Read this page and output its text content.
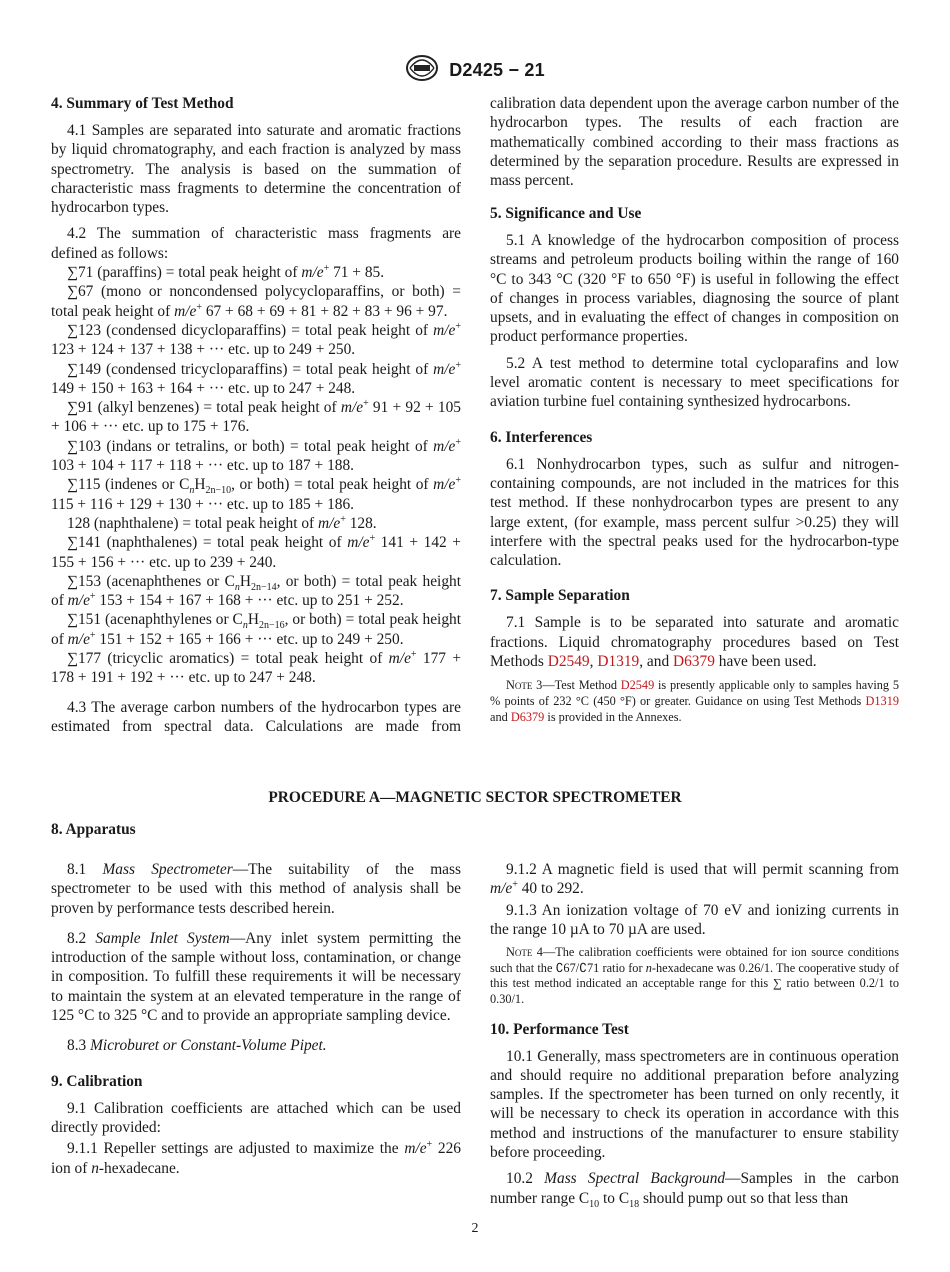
D2425 − 21
4. Summary of Test Method

4.1 Samples are separated into saturate and aromatic fractions by liquid chromatography, and each fraction is analyzed by mass spectrometry. The analysis is based on the summation of characteristic mass fragments to determine the concentration of hydrocarbon types.

4.2 The summation of characteristic mass fragments are defined as follows:

∑71 (paraffins) = total peak height of m/e+ 71 + 85.

∑67 (mono or noncondensed polycycloparaffins, or both) = total peak height of m/e+ 67 + 68 + 69 + 81 + 82 + 83 + 96 + 97.

∑123 (condensed dicycloparaffins) = total peak height of m/e+ 123 + 124 + 137 + 138 + ··· etc. up to 249 + 250.

∑149 (condensed tricycloparaffins) = total peak height of m/e+ 149 + 150 + 163 + 164 + ··· etc. up to 247 + 248.

∑91 (alkyl benzenes) = total peak height of m/e+ 91 + 92 + 105 + 106 + ··· etc. up to 175 + 176.

∑103 (indans or tetralins, or both) = total peak height of m/e+ 103 + 104 + 117 + 118 + ··· etc. up to 187 + 188.

∑115 (indenes or $C_nH_{2n-10}$, or both) = total peak height of m/e+ 115 + 116 + 129 + 130 + ··· etc. up to 185 + 186.

128 (naphthalene) = total peak height of m/e+ 128.

∑141 (naphthalenes) = total peak height of m/e+ 141 + 142 + 155 + 156 + ··· etc. up to 239 + 240.

∑153 (acenaphthenes or $C_nH_{2n-14}$, or both) = total peak height of m/e+ 153 + 154 + 167 + 168 + ··· etc. up to 251 + 252.

∑151 (acenaphthylenes or $C_nH_{2n-16}$, or both) = total peak height of m/e+ 151 + 152 + 165 + 166 + ··· etc. up to 249 + 250.

∑177 (tricyclic aromatics) = total peak height of m/e+ 177 + 178 + 191 + 192 + ··· etc. up to 247 + 248.

4.3 The average carbon numbers of the hydrocarbon types are estimated from spectral data. Calculations are made from

calibration data dependent upon the average carbon number of the hydrocarbon types. The results of each fraction are mathematically combined according to their mass fractions as determined by the separation procedure. Results are expressed in mass percent.

5. Significance and Use

5.1 A knowledge of the hydrocarbon composition of process streams and petroleum products boiling within the range of 160 °C to 343 °C (320 °F to 650 °F) is useful in following the effect of changes in process variables, diagnosing the source of plant upsets, and in evaluating the effect of changes in composition on product performance properties.

5.2 A test method to determine total cycloparafins and low level aromatic content is necessary to meet specifications for aviation turbine fuel containing synthesized hydrocarbons.

6. Interferences

6.1 Nonhydrocarbon types, such as sulfur and nitrogen-containing compounds, are not included in the matrices for this test method. If these nonhydrocarbon types are present to any large extent, (for example, mass percent sulfur >0.25) they will interfere with the spectral peaks used for the hydrocarbon-type calculation.

7. Sample Separation

7.1 Sample is to be separated into saturate and aromatic fractions. Liquid chromatography procedures based on Test Methods D2549, D1319, and D6379 have been used.

Note 3—Test Method D2549 is presently applicable only to samples having 5 % points of 232 °C (450 °F) or greater. Guidance on using Test Methods D1319 and D6379 is provided in the Annexes.
PROCEDURE A—MAGNETIC SECTOR SPECTROMETER
8. Apparatus

8.1 Mass Spectrometer—The suitability of the mass spectrometer to be used with this method of analysis shall be proven by performance tests described herein.

8.2 Sample Inlet System—Any inlet system permitting the introduction of the sample without loss, contamination, or change in composition. To fulfill these requirements it will be necessary to maintain the system at an elevated temperature in the range of 125 °C to 325 °C and to provide an appropriate sampling device.

8.3 Microburet or Constant-Volume Pipet.

9. Calibration

9.1 Calibration coefficients are attached which can be used directly provided:

9.1.1 Repeller settings are adjusted to maximize the m/e+ 226 ion of n-hexadecane.

9.1.2 A magnetic field is used that will permit scanning from m/e+ 40 to 292.

9.1.3 An ionization voltage of 70 eV and ionizing currents in the range 10 µA to 70 µA are used.

Note 4—The calibration coefficients were obtained for ion source conditions such that the ∁67/∁71 ratio for n-hexadecane was 0.26/1. The cooperative study of this test method indicated an acceptable range for this ∑ ratio between 0.2/1 to 0.30/1.
10. Performance Test

10.1 Generally, mass spectrometers are in continuous operation and should require no additional preparation before analyzing samples. If the spectrometer has been turned on only recently, it will be necessary to check its operation in accordance with this method and instructions of the manufacturer to ensure stability before proceeding.

10.2 Mass Spectral Background—Samples in the carbon number range $C_{10}$ to $C_{18}$ should pump out so that less than

2
